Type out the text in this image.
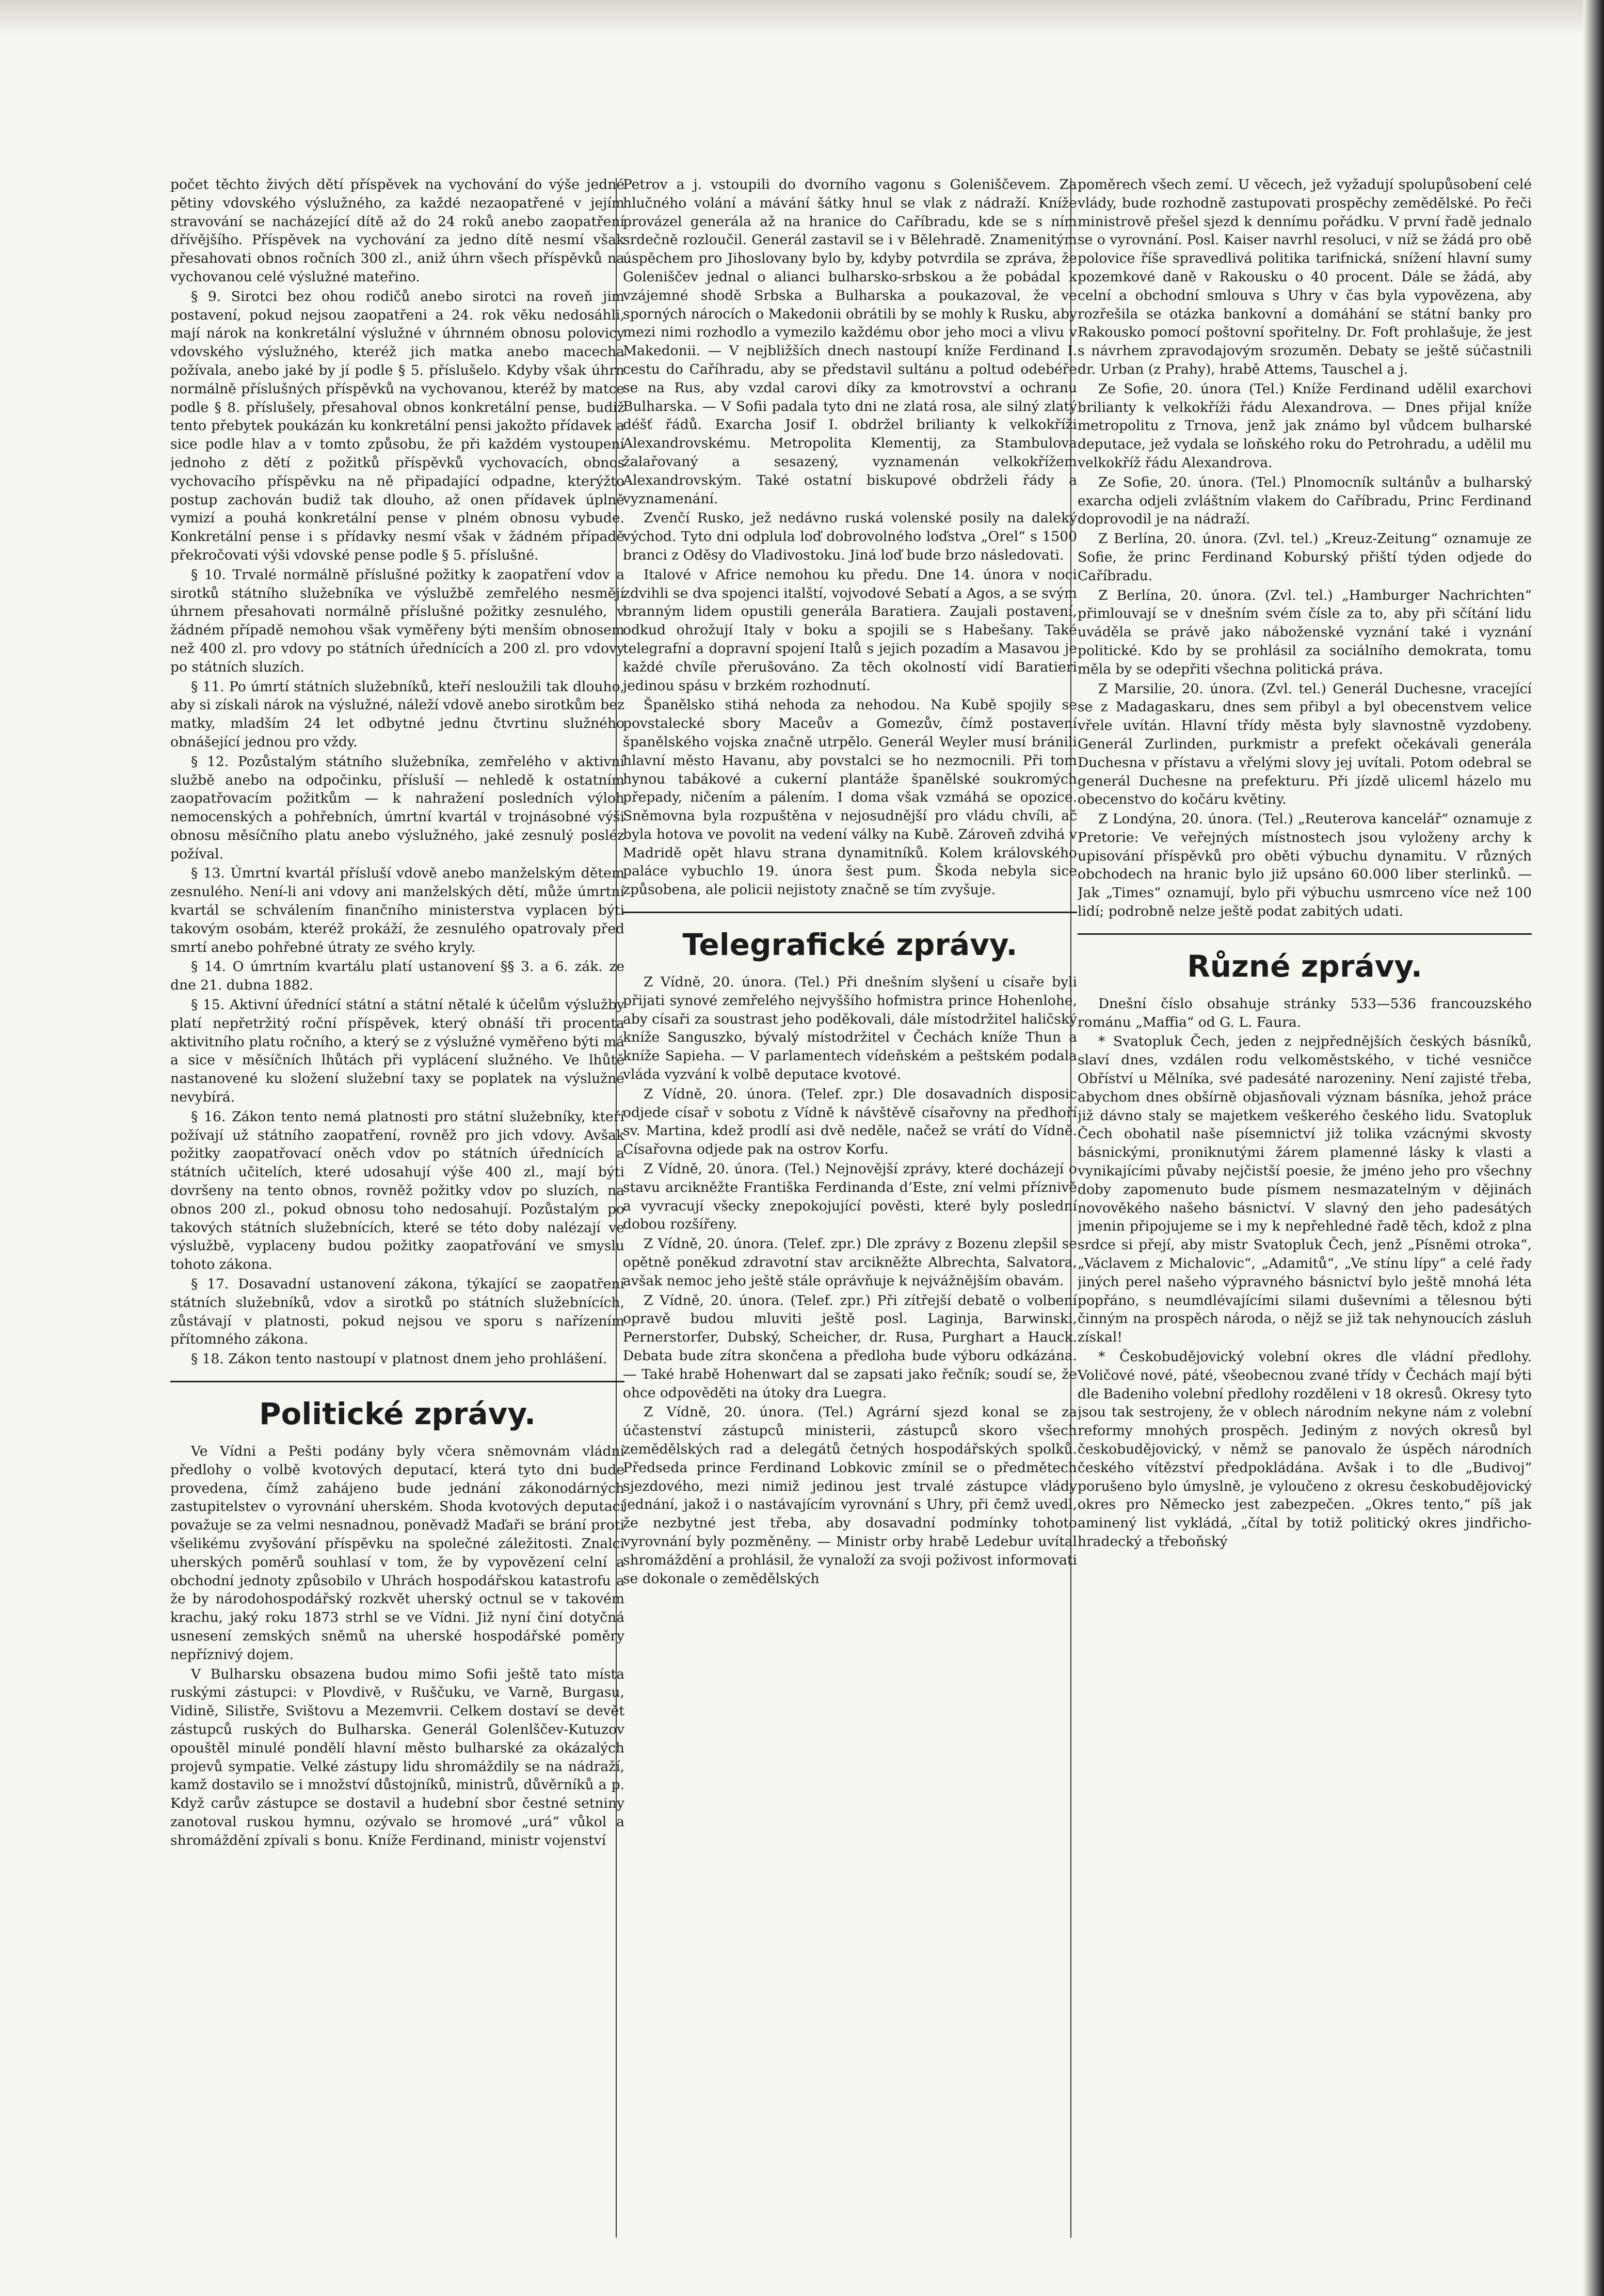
počet těchto živých dětí příspěvek na vychování do výše jedné pětiny vdovského výslužného, za každé nezaopatřené v jejím stravování se nacházející dítě až do 24 roků anebo zaopatření dřívějšího. Příspěvek na vychování za jedno dítě nesmí však přesahovati obnos ročních 300 zl., aniž úhrn všech příspěvků na vychovanou celé výslužné mateřino.

§ 9. Sirotci bez ohou rodičů anebo sirotci na roveň jim postavení, pokud nejsou zaopatřeni a 24. rok věku nedosáhli, mají nárok na konkretální výslužné v úhrnném obnosu polovicy vdovského výslužného, kteréž jich matka anebo macecha požívala, anebo jaké by jí podle § 5. příslušelo. Kdyby však úhrn normálně příslušných příspěvků na vychovanou, kteréž by matce podle § 8. příslušely, přesahoval obnos konkretální pense, budiž tento přebytek poukázán ku konkretální pensi jakožto přídavek a sice podle hlav a v tomto způsobu, že při každém vystoupení jednoho z dětí z požitků příspěvků vychovacích, obnos vychovacího příspěvku na ně připadající odpadne, kterýžto postup zachován budiž tak dlouho, až onen přídavek úplně vymizí a pouhá konkretální pense v plném obnosu vybude. Konkretální pense i s přídavky nesmí však v žádném případě překročovati výši vdovské pense podle § 5. příslušné.

§ 10. Trvalé normálně příslušné požitky k zaopatření vdov a sirotků státního služebníka ve výslužbě zemřelého nesmějí úhrnem přesahovati normálně příslušné požitky zesnulého, v žádném případě nemohou však vyměřeny býti menším obnosem než 400 zl. pro vdovy po státních úřednících a 200 zl. pro vdovy po státních sluzích.

§ 11. Po úmrtí státních služebníků, kteří nesloužili tak dlouho, aby si získali nárok na výslužné, náleží vdově anebo sirotkům bez matky, mladším 24 let odbytné jednu čtvrtinu služného obnášející jednou pro vždy.

§ 12. Pozůstalým státního služebníka, zemřelého v aktivní službě anebo na odpočinku, přísluší — nehledě k ostatním zaopatřovacím požitkům — k nahražení posledních výloh nemocenských a pohřebních, úmrtní kvartál v trojnásobné výši obnosu měsíčního platu anebo výslužného, jaké zesnulý posléz požíval.

§ 13. Úmrtní kvartál přísluší vdově anebo manželským dětem zesnulého. Není-li ani vdovy ani manželských dětí, může úmrtní kvartál se schválením finančního ministerstva vyplacen býti takovým osobám, kteréž prokáží, že zesnulého opatrovaly před smrtí anebo pohřebné útraty ze svého kryly.

§ 14. O úmrtním kvartálu platí ustanovení §§ 3. a 6. zák. ze dne 21. dubna 1882.

§ 15. Aktivní úřednící státní a státní nětalé k účelům výslužby platí nepřetržitý roční příspěvek, který obnáší tři procenta aktivitního platu ročního, a který se z výslužné vyměřeno býti má a sice v měsíčních lhůtách při vyplácení služného. Ve lhůtě nastanovené ku složení služební taxy se poplatek na výslužné nevybírá.

§ 16. Zákon tento nemá platnosti pro státní služebníky, kteří požívají už státního zaopatření, rovněž pro jich vdovy. Avšak požitky zaopatřovací oněch vdov po státních úřednících a státních učitelích, které udosahují výše 400 zl., mají býti dovršeny na tento obnos, rovněž požitky vdov po sluzích, na obnos 200 zl., pokud obnosu toho nedosahují. Pozůstalým po takových státních služebnících, které se této doby nalézají ve výslužbě, vyplaceny budou požitky zaopatřování ve smyslu tohoto zákona.

§ 17. Dosavadní ustanovení zákona, týkající se zaopatření státních služebníků, vdov a sirotků po státních služebnících, zůstávají v platnosti, pokud nejsou ve sporu s nařízením přítomného zákona.

§ 18. Zákon tento nastoupí v platnost dnem jeho prohlášení.

Politické zprávy.

Ve Vídni a Pešti podány byly včera sněmovnám vládní předlohy o volbě kvotových deputací, která tyto dni bude provedena, čímž zahájeno bude jednání zákonodárných zastupitelstev o vyrovnání uherském. Shoda kvotových deputací považuje se za velmi nesnadnou, poněvadž Maďaři se brání proti všelikému zvyšování příspěvku na společné záležitosti. Znalci uherských poměrů souhlasí v tom, že by vypovězení celní a obchodní jednoty způsobilo v Uhrách hospodářskou katastrofu a že by národohospodářský rozkvět uherský octnul se v takovém krachu, jaký roku 1873 strhl se ve Vídni. Již nyní činí dotyčná usnesení zemských sněmů na uherské hospodářské poměry nepříznivý dojem.

V Bulharsku obsazena budou mimo Sofii ještě tato místa ruskými zástupci: v Plovdivě, v Ruščuku, ve Varně, Burgasu, Vidině, Silistře, Svištovu a Mezemvrii. Celkem dostaví se devět zástupců ruských do Bulharska. Generál Golenlščev-Kutuzov opouštěl minulé pondělí hlavní město bulharské za okázalých projevů sympatie. Velké zástupy lidu shromáždily se na nádraží, kamž dostavilo se i množství důstojníků, ministrů, důvěrníků a p. Když carův zástupce se dostavil a hudební sbor čestné setniny zanotoval ruskou hymnu, ozývalo se hromové „urá“ vůkol a shromáždění zpívali s bonu. Kníže Ferdinand, ministr vojenství

Petrov a j. vstoupili do dvorního vagonu s Goleniščevem. Za hlučného volání a mávání šátky hnul se vlak z nádraží. Kníže provázel generála až na hranice do Caříbradu, kde se s ním srdečně rozloučil. Generál zastavil se i v Bělehradě. Znamenitým úspěchem pro Jihoslovany bylo by, kdyby potvrdila se zpráva, že Goleniščev jednal o alianci bulharsko-srbskou a že pobádal k vzájemné shodě Srbska a Bulharska a poukazoval, že ve sporných nárocích o Makedonii obrátili by se mohly k Rusku, aby mezi nimi rozhodlo a vymezilo každému obor jeho moci a vlivu v Makedonii. — V nejbližších dnech nastoupí kníže Ferdinand I. cestu do Caříhradu, aby se představil sultánu a poltud odebéře se na Rus, aby vzdal carovi díky za kmotrovství a ochranu Bulharska. — V Sofii padala tyto dni ne zlatá rosa, ale silný zlatý déšť řádů. Exarcha Josif I. obdržel brilianty k velkokříži Alexandrovskému. Metropolita Klementij, za Stambulova žalařovaný a sesazený, vyznamenán velkokřížem Alexandrovským. Také ostatní biskupové obdrželi řády a vyznamenání.

Zvenčí Rusko, jež nedávno ruská volenské posily na daleký východ. Tyto dni odplula loď dobrovolného loďstva „Orel“ s 1500 branci z Oděsy do Vladivostoku. Jiná loď bude brzo následovati.

Italové v Africe nemohou ku předu. Dne 14. února v noci zdvihli se dva spojenci italští, vojvodové Sebatí a Agos, a se svým branným lidem opustili generála Baratierа. Zaujali postavení, odkud ohrožují Italy v boku a spojili se s Habešany. Také telegrafní a dopravní spojení Italů s jejich pozadím a Masavou je každé chvíle přerušováno. Za těch okolností vidí Baratieri jedinou spásu v brzkém rozhodnutí.

Španělsko stihá nehoda za nehodou. Na Kubě spojily se povstalecké sbory Maceův a Gomezův, čímž postavení španělského vojska značně utrpělo. Generál Weyler musí bránili hlavní město Havanu, aby povstalci se ho nezmocnili. Při tom hynou tabákové a cukerní plantáže španělské soukromých přepady, ničením a pálením. I doma však vzmáhá se opozice. Sněmovna byla rozpuštěna v nejosudnější pro vládu chvíli, ač byla hotova ve povolit na vedení války na Kubě. Zároveň zdvihá v Madridě opět hlavu strana dynamitníků. Kolem královského paláce vybuchlo 19. února šest pum. Škoda nebyla sice způsobena, ale policii nejistoty značně se tím zvyšuje.

Telegrafické zprávy.

Z Vídně, 20. února. (Tel.) Při dnešním slyšení u císaře byli přijati synové zemřelého nejvyššího hofmistra prince Hohenlohe, aby císaři za soustrast jeho poděkovali, dále místodržitel haličský kníže Sanguszko, bývalý místodržitel v Čechách kníže Thun a kníže Sapieha. — V parlamentech vídeňském a peštském podala vláda vyzvání k volbě deputace kvotové.

Z Vídně, 20. února. (Telef. zpr.) Dle dosavadních disposic odjede císař v sobotu z Vídně k návštěvě císařovny na předhoří sv. Martina, kdež prodlí asi dvě neděle, načež se vrátí do Vídně. Císařovna odjede pak na ostrov Korfu.

Z Vídně, 20. února. (Tel.) Nejnovější zprávy, které docházejí o stavu arcikněžte Františka Ferdinanda d’Este, zní velmi příznivě a vyvracují všecky znepokojující pověsti, které byly poslední dobou rozšířeny.

Z Vídně, 20. února. (Telef. zpr.) Dle zprávy z Bozenu zlepšil se opětně poněkud zdravotní stav arcikněžte Albrechta, Salvatora, avšak nemoc jeho ještě stále oprávňuje k nejvážnějším obavám.

Z Vídně, 20. února. (Telef. zpr.) Při zítřejší debatě o volbení opravě budou mluviti ještě posl. Laginja, Barwinski, Pernerstorfer, Dubský, Scheicher, dr. Rusa, Purghart a Hauck. Debata bude zítra skončena a předloha bude výboru odkázána. — Také hrabě Hohenwart dal se zapsati jako řečník; soudí se, že ohce odpověděti na útoky dra Luegra.

Z Vídně, 20. února. (Tel.) Agrární sjezd konal se za účastenství zástupců ministerii, zástupců skoro všech zemědělských rad a delegátů četných hospodářských spolků. Předseda prince Ferdinand Lobkovic zmínil se o předmětech sjezdového, mezi nimiž jedinou jest trvalé zástupce vlády jednání, jakož i o nastávajícím vyrovnání s Uhry, při čemž uvedl, že nezbytné jest třeba, aby dosavadní podmínky tohoto vyrovnání byly pozměněny. — Ministr orby hrabě Ledebur uvítal shromáždění a prohlásil, že vynaloží za svoji poživost informovati se dokonale o zemědělských

poměrech všech zemí. U věcech, jež vyžadují spolupůsobení celé vlády, bude rozhodně zastupovati prospěchy zemědělské. Po řeči ministrově přešel sjezd k dennímu pořádku. V první řadě jednalo se o vyrovnání. Posl. Kaiser navrhl resoluci, v níž se žádá pro obě polovice říše spravedlivá politika tarifnická, snížení hlavní sumy pozemkové daně v Rakousku o 40 procent. Dále se žádá, aby celní a obchodní smlouva s Uhry v čas byla vypovězena, aby rozřešila se otázka bankovní a domáhání se státní banky pro Rakousko pomocí poštovní spořitelny. Dr. Foft prohlašuje, že jest s návrhem zpravodajovým srozuměn. Debaty se ještě súčastnili dr. Urban (z Prahy), hrabě Attems, Tauschel a j.

Ze Sofie, 20. února (Tel.) Kníže Ferdinand udělil exarchovi brilianty k velkokříži řádu Alexandrova. — Dnes přijal kníže metropolitu z Trnova, jenž jak známo byl vůdcem bulharské deputace, jež vydala se loňského roku do Petrohradu, a udělil mu velkokříž řádu Alexandrova.

Ze Sofie, 20. února. (Tel.) Plnomocník sultánův a bulharský exarcha odjeli zvláštním vlakem do Caříbradu, Princ Ferdinand doprovodil je na nádraží.

Z Berlína, 20. února. (Zvl. tel.) „Kreuz-Zeitung“ oznamuje ze Sofie, že princ Ferdinand Koburský přiští týden odjede do Caříbradu.

Z Berlína, 20. února. (Zvl. tel.) „Hamburger Nachrichten“ přimlouvají se v dnešním svém čísle za to, aby při sčítání lidu uváděla se právě jako náboženské vyznání také i vyznání politické. Kdo by se prohlásil za sociálního demokrata, tomu měla by se odepřiti všechna politická práva.

Z Marsilie, 20. února. (Zvl. tel.) Generál Duchesne, vracející se z Madagaskaru, dnes sem přibyl a byl obecenstvem velice vřele uvítán. Hlavní třídy města byly slavnostně vyzdobeny. Generál Zurlinden, purkmistr a prefekt očekávali generála Duchesna v přístavu a vřelými slovy jej uvítali. Potom odebral se generál Duchesne na prefekturu. Při jízdě uliceml házelo mu obecenstvo do kočáru květiny.

Z Londýna, 20. února. (Tel.) „Reuterova kancelář“ oznamuje z Pretorie: Ve veřejných místnostech jsou vyloženy archy k upisování příspěvků pro oběti výbuchu dynamitu. V různých obchodech na hranic bylo již upsáno 60.000 liber sterlinků. — Jak „Times“ oznamují, bylo při výbuchu usmrceno více než 100 lidí; podrobně nelze ještě podat zabitých udati.

Různé zprávy.

Dnešní číslo obsahuje stránky 533—536 francouzského románu „Maffia“ od G. L. Faura.

* Svatopluk Čech, jeden z nejpřednějších českých básníků, slaví dnes, vzdálen rodu velkoměstského, v tiché vesničce Obříství u Mělníka, své padesáté narozeniny. Není zajisté třeba, abychom dnes obšírně objasňovali význam básníka, jehož práce již dávno staly se majetkem veškerého českého lidu. Svatopluk Čech obohatil naše písemnictví již tolika vzácnými skvosty básnickými, proniknutými žárem plamenné lásky k vlasti a vynikajícími půvaby nejčistší poesie, že jméno jeho pro všechny doby zapomenuto bude písmem nesmazatelným v dějinách novověkého našeho básnictví. V slavný den jeho padesátých jmenin připojujeme se i my k nepřehledné řadě těch, kdož z plna srdce si přejí, aby mistr Svatopluk Čech, jenž „Písněmi otroka“, „Václavem z Michalovic“, „Adamitů“, „Ve stínu lípy“ a celé řady jiných perel našeho výpravného básnictví bylo ještě mnohá léta popřáno, s neumdlévajícími silami duševními a tělesnou býti činným na prospěch národa, o nějž se již tak nehynoucích zásluh získal!

* Českobudějovický volební okres dle vládní předlohy. Voličové nové, páté, všeobecnou zvané třídy v Čechách mají býti dle Badeniho volební předlohy rozděleni v 18 okresů. Okresy tyto jsou tak sestrojeny, že v oblech národním nekyne nám z volební reformy mnohých prospěch. Jediným z nových okresů byl českobudějovický, v němž se panovalo že úspěch národních českého vítězství předpokládána. Avšak i to dle „Budivoj“ porušeno bylo úmyslně, je vyloučeno z okresu českobudějovický okres pro Německo jest zabezpečen. „Okres tento,“ píš jak aminený list vykládá, „čítal by totiž politický okres jindřicho-hradecký a třeboňský
